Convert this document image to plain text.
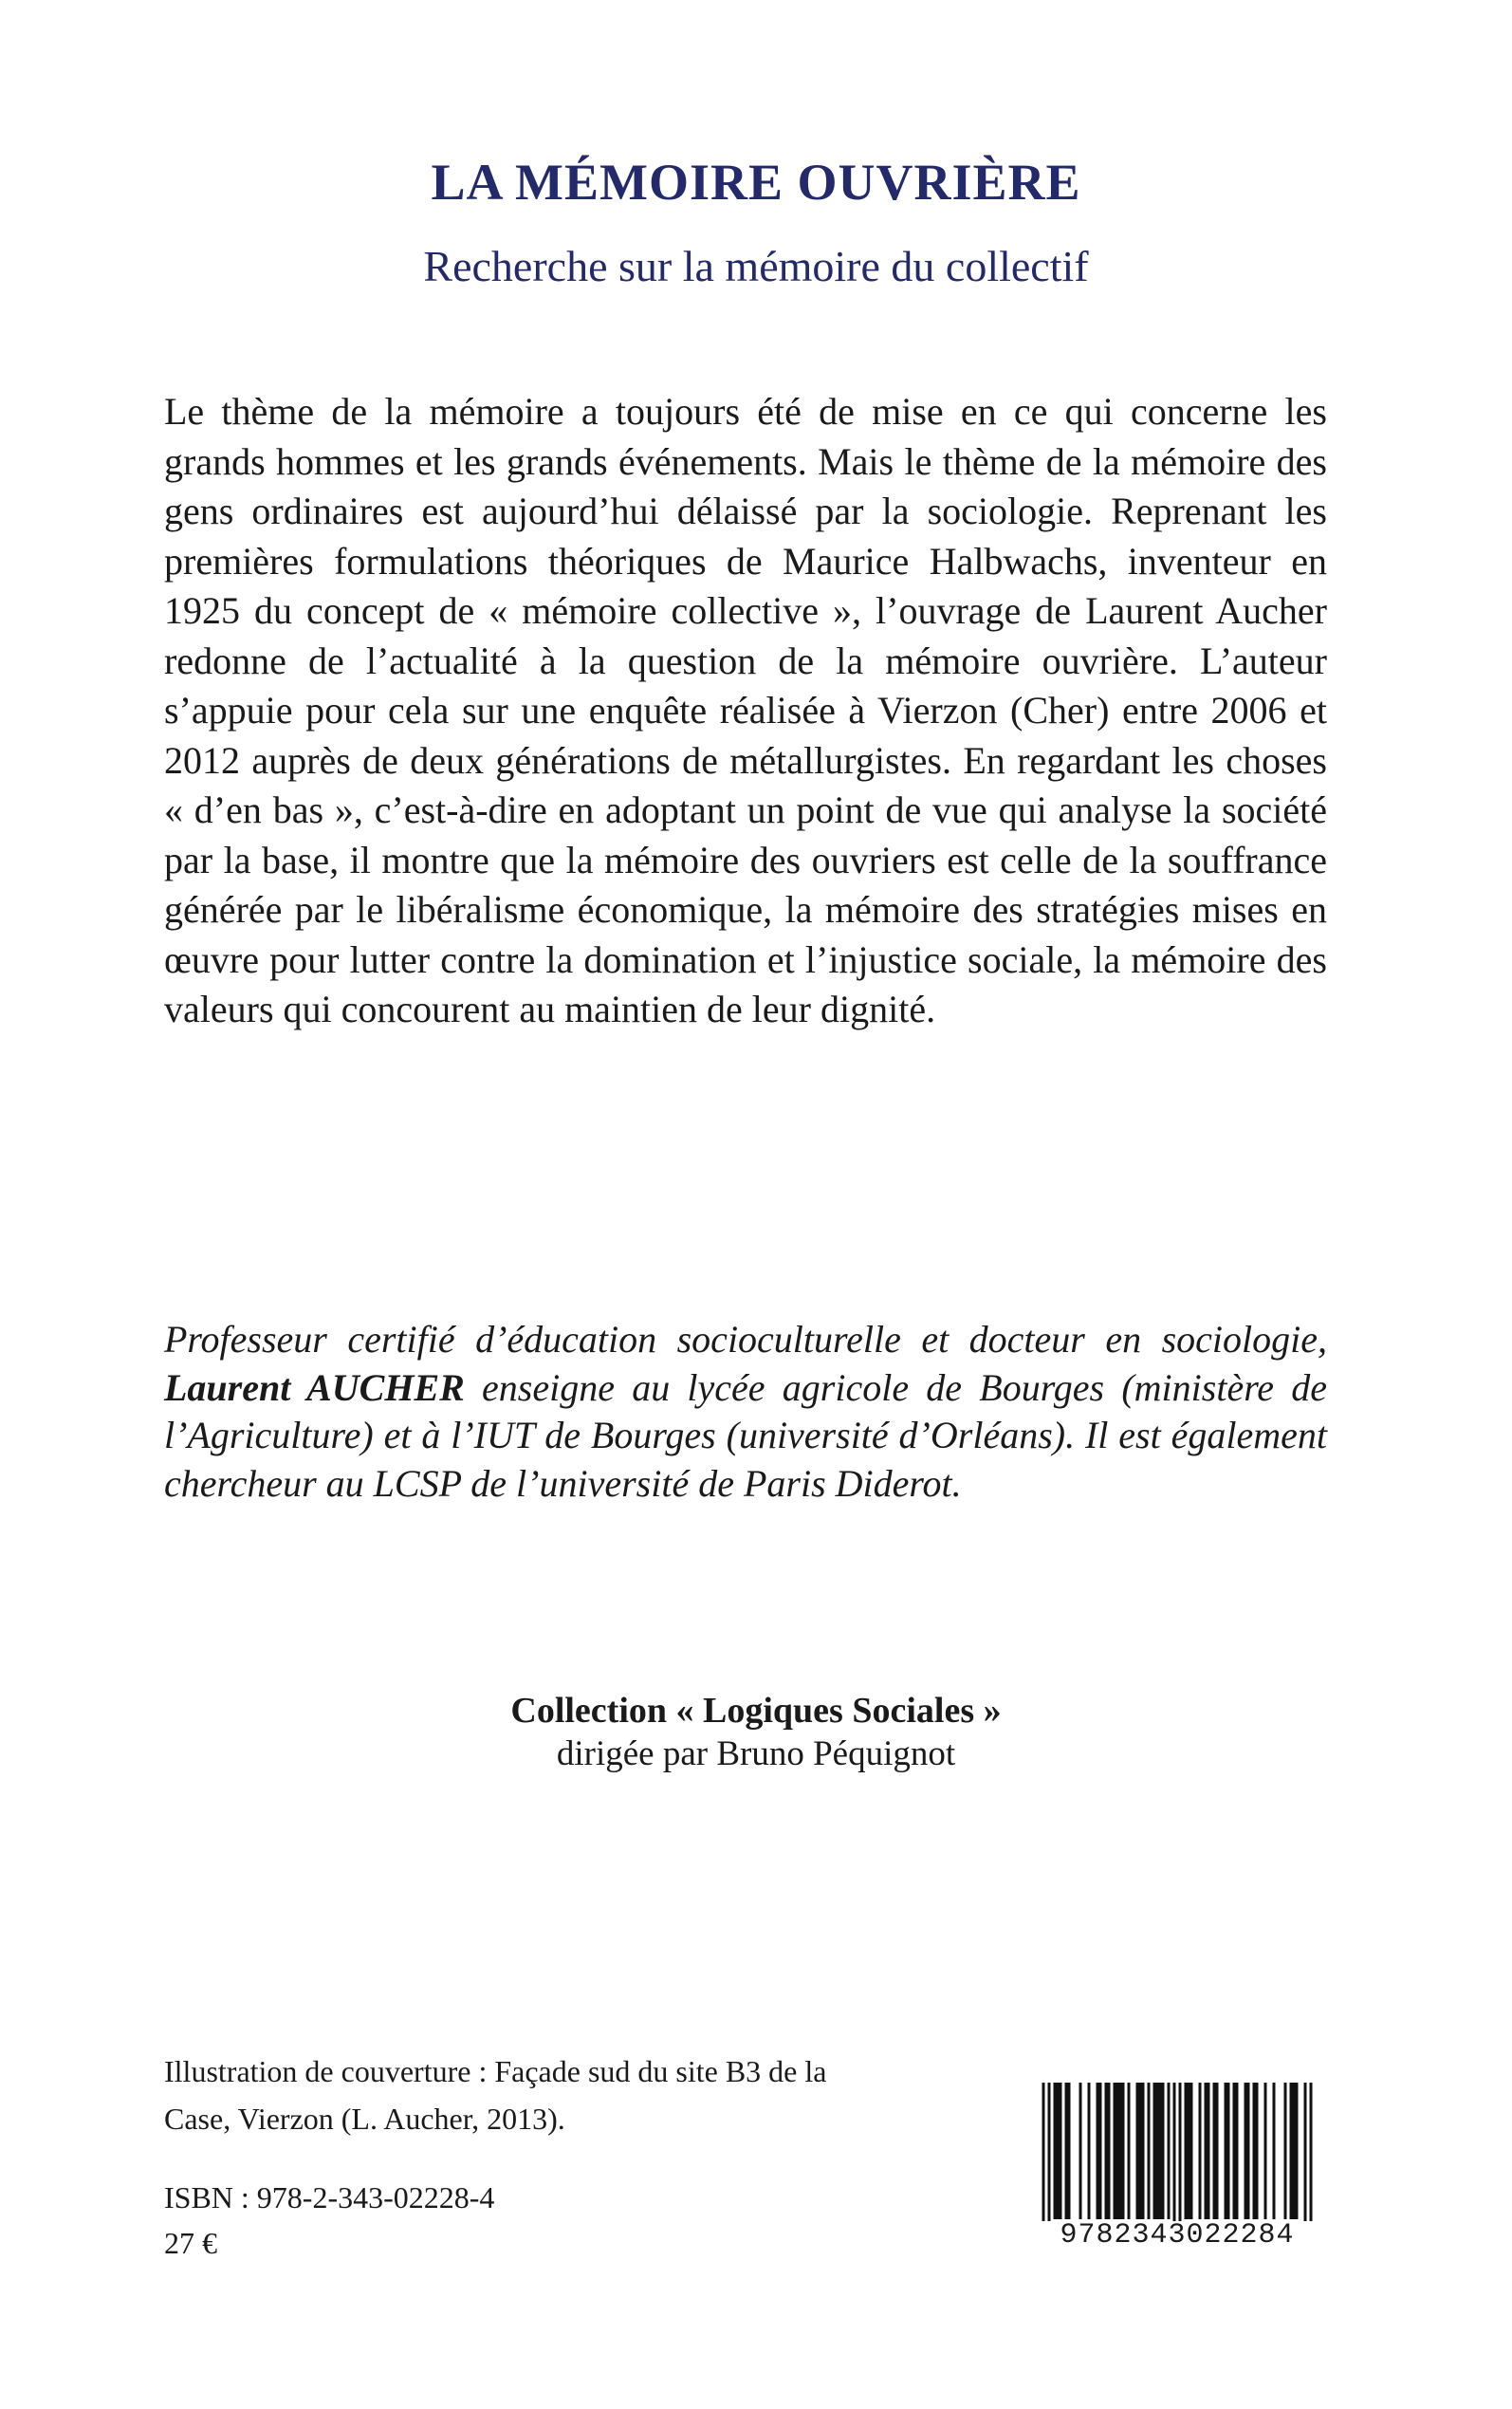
LA MÉMOIRE OUVRIÈRE
Recherche sur la mémoire du collectif

Le thème de la mémoire a toujours été de mise en ce qui concerne les grands hommes et les grands événements. Mais le thème de la mémoire des gens ordinaires est aujourd’hui délaissé par la sociologie. Reprenant les premières formulations théoriques de Maurice Halbwachs, inventeur en 1925 du concept de « mémoire collective », l’ouvrage de Laurent Aucher redonne de l’actualité à la question de la mémoire ouvrière. L’auteur s’appuie pour cela sur une enquête réalisée à Vierzon (Cher) entre 2006 et 2012 auprès de deux générations de métallurgistes. En regardant les choses « d’en bas », c’est-à-dire en adoptant un point de vue qui analyse la société par la base, il montre que la mémoire des ouvriers est celle de la souffrance générée par le libéralisme économique, la mémoire des stratégies mises en œuvre pour lutter contre la domination et l’injustice sociale, la mémoire des valeurs qui concourent au maintien de leur dignité.

Professeur certifié d’éducation socioculturelle et docteur en sociologie, Laurent AUCHER enseigne au lycée agricole de Bourges (ministère de l’Agriculture) et à l’IUT de Bourges (université d’Orléans). Il est également chercheur au LCSP de l’université de Paris Diderot.

Collection « Logiques Sociales »
dirigée par Bruno Péquignot
Illustration de couverture : Façade sud du site B3 de la Case, Vierzon (L. Aucher, 2013).
ISBN : 978-2-343-02228-4
27 €	9782343022284
